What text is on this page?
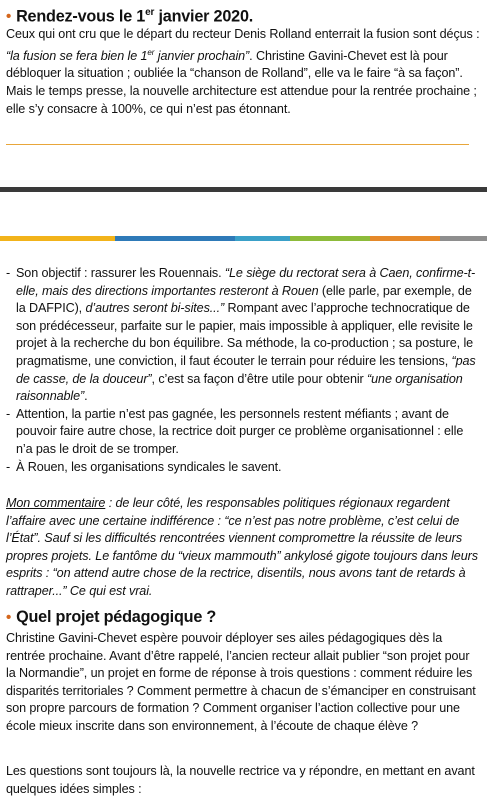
• Rendez-vous le 1er janvier 2020.
Ceux qui ont cru que le départ du recteur Denis Rolland enterrait la fusion sont déçus : “la fusion se fera bien le 1er janvier prochain”. Christine Gavini-Chevet est là pour débloquer la situation ; oubliée la “chanson de Rolland”, elle va le faire “à sa façon”. Mais le temps presse, la nouvelle architecture est attendue pour la rentrée prochaine ; elle s’y consacre à 100%, ce qui n’est pas étonnant.
- Son objectif : rassurer les Rouennais. “Le siège du rectorat sera à Caen, confirme-t-elle, mais des directions importantes resteront à Rouen (elle parle, par exemple, de la DAFPIC), d’autres seront bi-sites...” Rompant avec l’approche technocratique de son prédécesseur, parfaite sur le papier, mais impossible à appliquer, elle revisite le projet à la recherche du bon équilibre. Sa méthode, la co-production ; sa posture, le pragmatisme, une conviction, il faut écouter le terrain pour réduire les tensions, “pas de casse, de la douceur”, c’est sa façon d’être utile pour obtenir “une organisation raisonnable”.
- Attention, la partie n’est pas gagnée, les personnels restent méfiants ; avant de pouvoir faire autre chose, la rectrice doit purger ce problème organisationnel : elle n’a pas le droit de se tromper.
- À Rouen, les organisations syndicales le savent.
Mon commentaire : de leur côté, les responsables politiques régionaux regardent l’affaire avec une certaine indifférence : “ce n’est pas notre problème, c’est celui de l’État”. Sauf si les difficultés rencontrées viennent compromettre la réussite de leurs propres projets. Le fantôme du “vieux mammouth” ankylosé gigote toujours dans leurs esprits : “on attend autre chose de la rectrice, disentils, nous avons tant de retards à rattraper...” Ce qui est vrai.
• Quel projet pédagogique ?
Christine Gavini-Chevet espère pouvoir déployer ses ailes pédagogiques dès la rentrée prochaine. Avant d’être rappelé, l’ancien recteur allait publier “son projet pour la Normandie”, un projet en forme de réponse à trois questions : comment réduire les disparités territoriales ? Comment permettre à chacun de s’émanciper en construisant son propre parcours de formation ? Comment organiser l’action collective pour une école mieux inscrite dans son environnement, à l’écoute de chaque élève ?
Les questions sont toujours là, la nouvelle rectrice va y répondre, en mettant en avant quelques idées simples :
